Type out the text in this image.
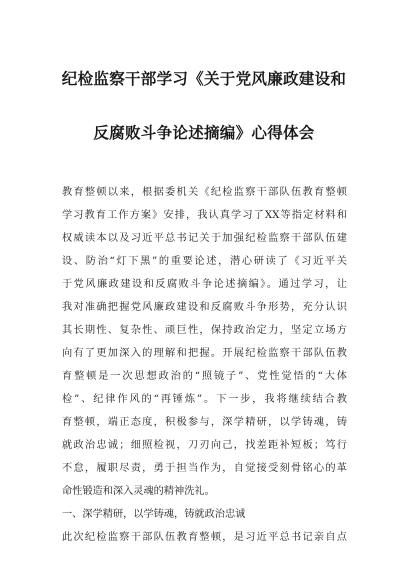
纪检监察干部学习《关于党风廉政建设和
反腐败斗争论述摘编》心得体会
教育整顿以来，根据委机关《纪检监察干部队伍教育整顿
学习教育工作方案》安排，我认真学习了XX等指定材料和
权威读本以及习近平总书记关于加强纪检监察干部队伍建
设、防治“灯下黑”的重要论述，潜心研读了《习近平关
于党风廉政建设和反腐败斗争论述摘编》。通过学习，让
我对准确把握党风廉政建设和反腐败斗争形势，充分认识
其长期性、复杂性、顽巨性，保持政治定力，坚定立场方
向有了更加深入的理解和把握。开展纪检监察干部队伍教
育整顿是一次思想政治的“照镜子”、党性觉悟的“大体
检”、纪律作风的“再锤炼”。下一步，我将继续结合教
育整顿，端正态度，积极参与，深学精研，以学铸魂，铸
就政治忠诚；细照检视，刀刃向己，找差距补短板；笃行
不怠，履职尽责，勇于担当作为，自觉接受刻骨铭心的革
命性锻造和深入灵魂的精神洗礼。
一、深学精研，以学铸魂，铸就政治忠诚
此次纪检监察干部队伍教育整顿，是习近平总书记亲自点
